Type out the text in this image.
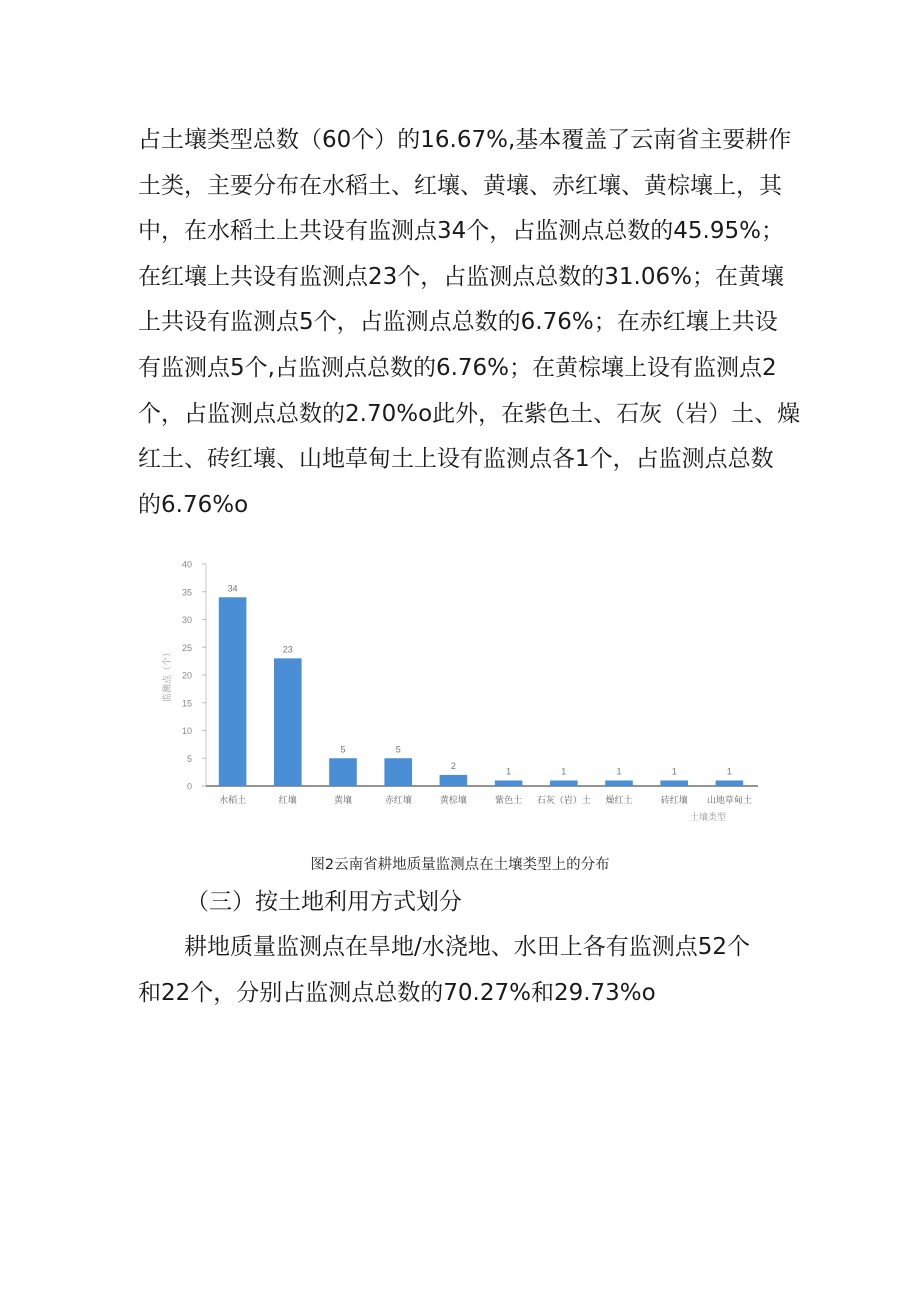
占土壤类型总数（60个）的16.67%,基本覆盖了云南省主要耕作
土类，主要分布在水稻土、红壤、黄壤、赤红壤、黄棕壤上，其
中，在水稻土上共设有监测点34个，占监测点总数的45.95%；
在红壤上共设有监测点23个，占监测点总数的31.06%；在黄壤
上共设有监测点5个，占监测点总数的6.76%；在赤红壤上共设
有监测点5个,占监测点总数的6.76%；在黄棕壤上设有监测点2
个，占监测点总数的2.70%o此外，在紫色土、石灰（岩）土、燥
红土、砖红壤、山地草甸土上设有监测点各1个，占监测点总数
的6.76%o
0
5
10
15
20
25
30
35
40
监测点（个）
34
水稻土
23
红壤
5
黄壤
5
赤红壤
2
黄棕壤
1
紫色土
1
石灰（岩）土
1
燥红土
1
砖红壤
1
山地草甸土
土壤类型
图2云南省耕地质量监测点在土壤类型上的分布
（三）按土地利用方式划分
耕地质量监测点在旱地/水浇地、水田上各有监测点52个
和22个，分别占监测点总数的70.27%和29.73%o
